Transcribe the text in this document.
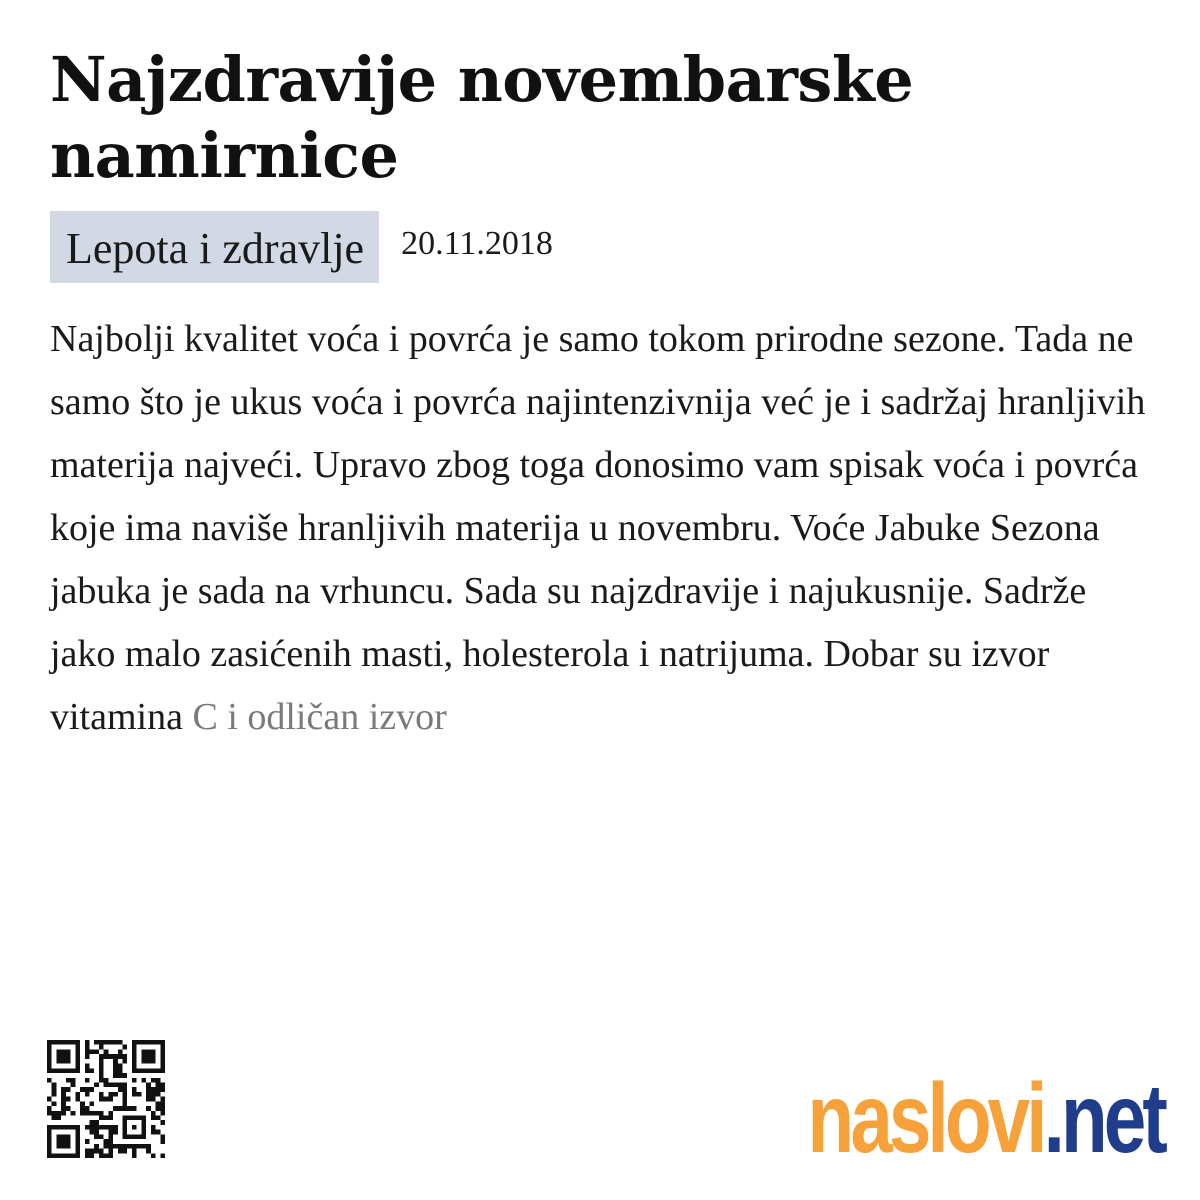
Najzdravije novembarske namirnice
Lepota i zdravlje	20.11.2018

Najbolji kvalitet voća i povrća je samo tokom prirodne sezone. Tada ne samo što je ukus voća i povrća najintenzivnija već je i sadržaj hranljivih materija najveći. Upravo zbog toga donosimo vam spisak voća i povrća koje ima naviše hranljivih materija u novembru. Voće Jabuke Sezona jabuka je sada na vrhuncu. Sada su najzdravije i najukusnije. Sadrže jako malo zasićenih masti, holesterola i natrijuma. Dobar su izvor vitamina C i odličan izvor

naslovi .net
